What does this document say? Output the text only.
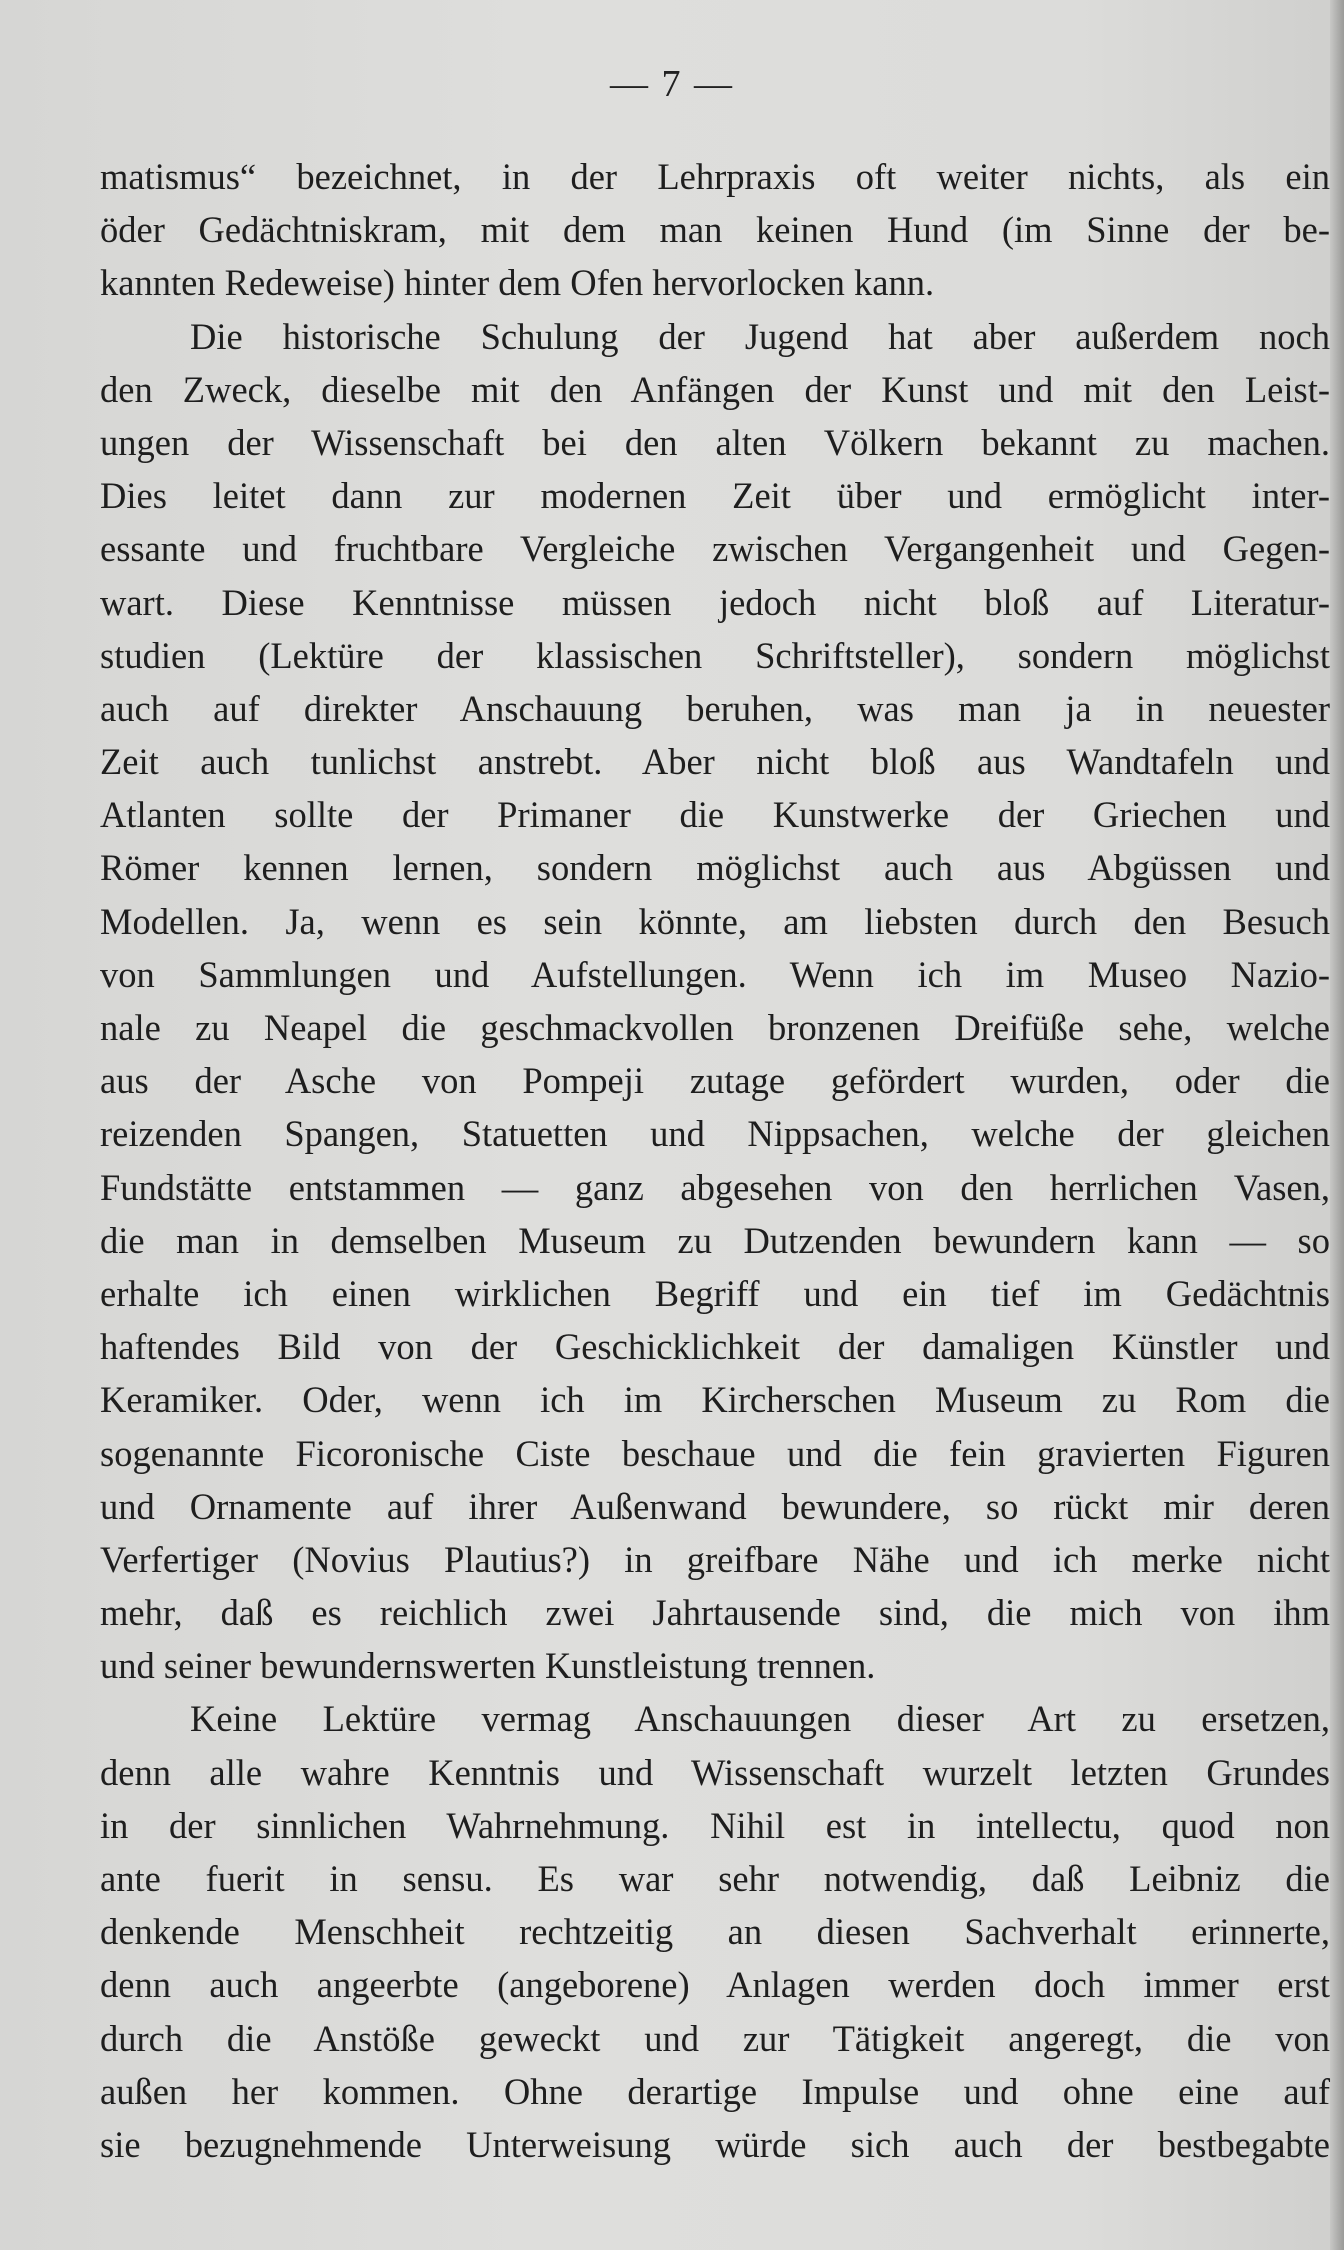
— 7 —
matismus“ bezeichnet, in der Lehrpraxis oft weiter nichts, als ein
öder Gedächtniskram, mit dem man keinen Hund (im Sinne der be-
kannten Redeweise) hinter dem Ofen hervorlocken kann.
Die historische Schulung der Jugend hat aber außerdem noch
den Zweck, dieselbe mit den Anfängen der Kunst und mit den Leist-
ungen der Wissenschaft bei den alten Völkern bekannt zu machen.
Dies leitet dann zur modernen Zeit über und ermöglicht inter-
essante und fruchtbare Vergleiche zwischen Vergangenheit und Gegen-
wart. Diese Kenntnisse müssen jedoch nicht bloß auf Literatur-
studien (Lektüre der klassischen Schriftsteller), sondern möglichst
auch auf direkter Anschauung beruhen, was man ja in neuester
Zeit auch tunlichst anstrebt. Aber nicht bloß aus Wandtafeln und
Atlanten sollte der Primaner die Kunstwerke der Griechen und
Römer kennen lernen, sondern möglichst auch aus Abgüssen und
Modellen. Ja, wenn es sein könnte, am liebsten durch den Besuch
von Sammlungen und Aufstellungen. Wenn ich im Museo Nazio-
nale zu Neapel die geschmackvollen bronzenen Dreifüße sehe, welche
aus der Asche von Pompeji zutage gefördert wurden, oder die
reizenden Spangen, Statuetten und Nippsachen, welche der gleichen
Fundstätte entstammen — ganz abgesehen von den herrlichen Vasen,
die man in demselben Museum zu Dutzenden bewundern kann — so
erhalte ich einen wirklichen Begriff und ein tief im Gedächtnis
haftendes Bild von der Geschicklichkeit der damaligen Künstler und
Keramiker. Oder, wenn ich im Kircherschen Museum zu Rom die
sogenannte Ficoronische Ciste beschaue und die fein gravierten Figuren
und Ornamente auf ihrer Außenwand bewundere, so rückt mir deren
Verfertiger (Novius Plautius?) in greifbare Nähe und ich merke nicht
mehr, daß es reichlich zwei Jahrtausende sind, die mich von ihm
und seiner bewundernswerten Kunstleistung trennen.
Keine Lektüre vermag Anschauungen dieser Art zu ersetzen,
denn alle wahre Kenntnis und Wissenschaft wurzelt letzten Grundes
in der sinnlichen Wahrnehmung. Nihil est in intellectu, quod non
ante fuerit in sensu. Es war sehr notwendig, daß Leibniz die
denkende Menschheit rechtzeitig an diesen Sachverhalt erinnerte,
denn auch angeerbte (angeborene) Anlagen werden doch immer erst
durch die Anstöße geweckt und zur Tätigkeit angeregt, die von
außen her kommen. Ohne derartige Impulse und ohne eine auf
sie bezugnehmende Unterweisung würde sich auch der bestbegabte
